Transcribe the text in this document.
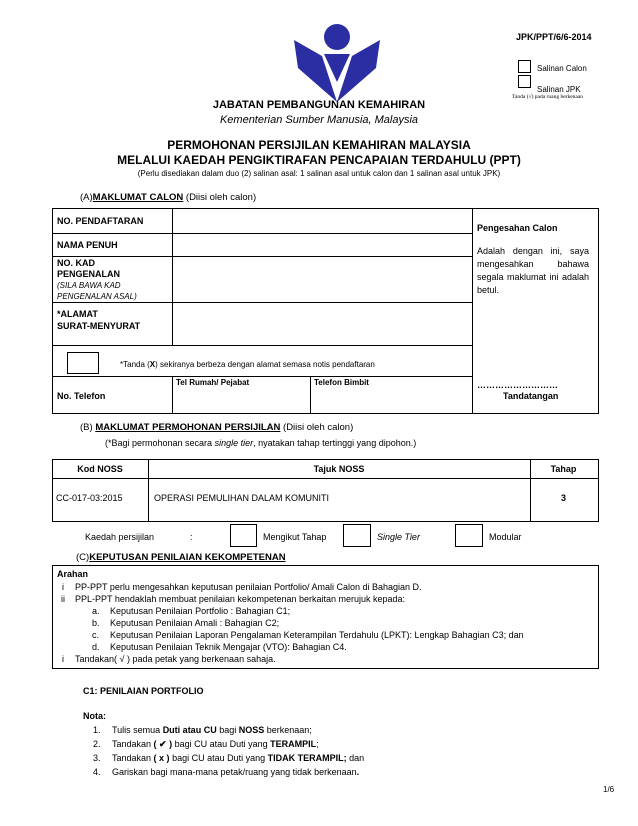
JPK/PPT/6/6-2014
Salinan Calon
Salinan JPK
Tanda (√) pada ruang berkenaan
JABATAN PEMBANGUNAN KEMAHIRAN
Kementerian Sumber Manusia, Malaysia
PERMOHONAN PERSIJILAN KEMAHIRAN MALAYSIA
MELALUI KAEDAH PENGIKTIRAFAN PENCAPAIAN TERDAHULU (PPT)
(Perlu disediakan dalam duo (2) salinan asal: 1 salinan asal untuk calon dan 1 salinan asal untuk JPK)
(A)MAKLUMAT CALON (Diisi oleh calon)
NO. PENDAFTARAN
NAMA PENUH
NO. KAD
PENGENALAN
(SILA BAWA KAD
PENGENALAN ASAL)
*ALAMAT
SURAT-MENYURAT
*Tanda (X) sekiranya berbeza dengan alamat semasa notis pendaftaran
No. Telefon
Tel Rumah/ Pejabat	Telefon Bimbit
Pengesahan Calon
Adalah dengan ini, saya mengesahkan bahawa segala maklumat ini adalah betul.
………………………
Tandatangan
(B) MAKLUMAT PERMOHONAN PERSIJILAN (Diisi oleh calon)
(*Bagi permohonan secara single tier, nyatakan tahap tertinggi yang dipohon.)
Kod NOSS	Tajuk NOSS	Tahap
CC-017-03:2015	OPERASI PEMULIHAN DALAM KOMUNITI	3
Kaedah persijilan	:	Mengikut Tahap	Single Tier	Modular
(C)KEPUTUSAN PENILAIAN KEKOMPETENAN
Arahan
i PP-PPT perlu mengesahkan keputusan penilaian Portfolio/ Amali Calon di Bahagian D.
ii PPL-PPT hendaklah membuat penilaian kekompetenan berkaitan merujuk kepada:
a. Keputusan Penilaian Portfolio : Bahagian C1;
b. Keputusan Penilaian Amali : Bahagian C2;
c. Keputusan Penilaian Laporan Pengalaman Keterampilan Terdahulu (LPKT): Lengkap Bahagian C3; dan
d. Keputusan Penilaian Teknik Mengajar (VTO): Bahagian C4.
i Tandakan( √ ) pada petak yang berkenaan sahaja.
C1: PENILAIAN PORTFOLIO
Nota:
1. Tulis semua Duti atau CU bagi NOSS berkenaan;
2. Tandakan ( ✔ ) bagi CU atau Duti yang TERAMPIL;
3. Tandakan ( x ) bagi CU atau Duti yang TIDAK TERAMPIL; dan
4. Gariskan bagi mana-mana petak/ruang yang tidak berkenaan.
1/6
